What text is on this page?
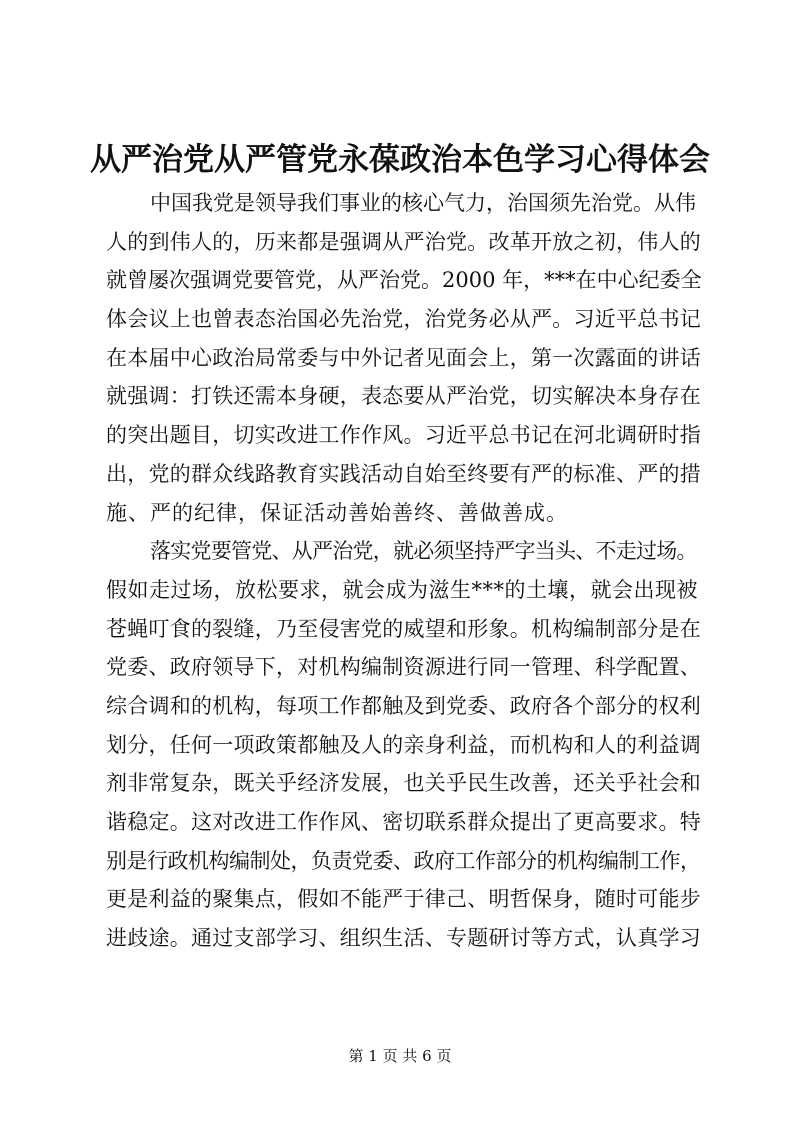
从严治党从严管党永葆政治本色学习心得体会
中国我党是领导我们事业的核心气力，治国须先治党。从伟
人的到伟人的，历来都是强调从严治党。改革开放之初，伟人的
就曾屡次强调党要管党，从严治党。2000 年，***在中心纪委全
体会议上也曾表态治国必先治党，治党务必从严。习近平总书记
在本届中心政治局常委与中外记者见面会上，第一次露面的讲话
就强调：打铁还需本身硬，表态要从严治党，切实解决本身存在
的突出题目，切实改进工作作风。习近平总书记在河北调研时指
出，党的群众线路教育实践活动自始至终要有严的标准、严的措
施、严的纪律，保证活动善始善终、善做善成。
落实党要管党、从严治党，就必须坚持严字当头、不走过场。
假如走过场，放松要求，就会成为滋生***的土壤，就会出现被
苍蝇叮食的裂缝，乃至侵害党的威望和形象。机构编制部分是在
党委、政府领导下，对机构编制资源进行同一管理、科学配置、
综合调和的机构，每项工作都触及到党委、政府各个部分的权利
划分，任何一项政策都触及人的亲身利益，而机构和人的利益调
剂非常复杂，既关乎经济发展，也关乎民生改善，还关乎社会和
谐稳定。这对改进工作作风、密切联系群众提出了更高要求。特
别是行政机构编制处，负责党委、政府工作部分的机构编制工作，
更是利益的聚集点，假如不能严于律己、明哲保身，随时可能步
进歧途。通过支部学习、组织生活、专题研讨等方式，认真学习
第 1 页 共 6 页
